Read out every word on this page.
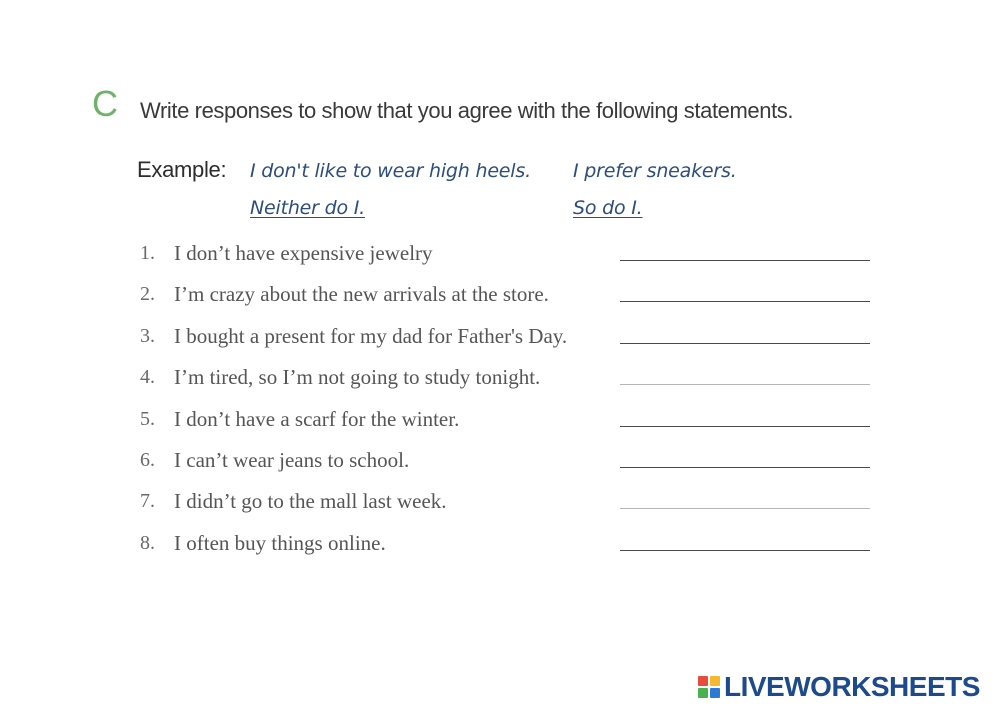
C Write responses to show that you agree with the following statements.
Example: I don't like to wear high heels.
Neither do I.
I prefer sneakers.
So do I.
1. I don’t have expensive jewelry
2. I’m crazy about the new arrivals at the store.
3. I bought a present for my dad for Father's Day.
4. I’m tired, so I’m not going to study tonight.
5. I don’t have a scarf for the winter.
6. I can’t wear jeans to school.
7. I didn’t go to the mall last week.
8. I often buy things online.
LIVEWORKSHEETS
